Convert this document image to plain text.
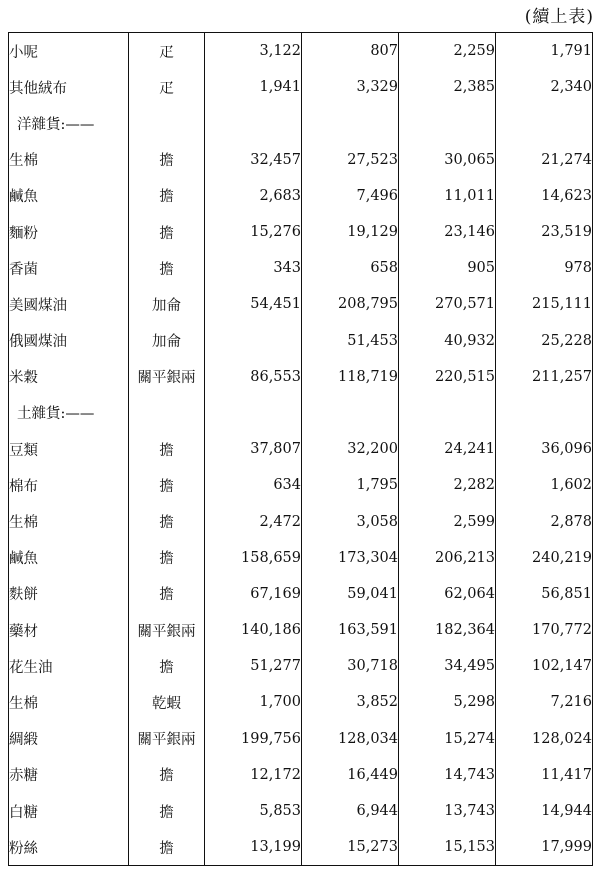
(續上表)
小呢	疋	3,122	807	2,259	1,791
其他絨布	疋	1,941	3,329	2,385	2,340
洋雜貨:——					
生棉	擔	32,457	27,523	30,065	21,274
鹹魚	擔	2,683	7,496	11,011	14,623
麵粉	擔	15,276	19,129	23,146	23,519
香菌	擔	343	658	905	978
美國煤油	加侖	54,451	208,795	270,571	215,111
俄國煤油	加侖		51,453	40,932	25,228
米穀	關平銀兩	86,553	118,719	220,515	211,257
土雜貨:——					
豆類	擔	37,807	32,200	24,241	36,096
棉布	擔	634	1,795	2,282	1,602
生棉	擔	2,472	3,058	2,599	2,878
鹹魚	擔	158,659	173,304	206,213	240,219
麩餅	擔	67,169	59,041	62,064	56,851
藥材	關平銀兩	140,186	163,591	182,364	170,772
花生油	擔	51,277	30,718	34,495	102,147
生棉	乾蝦	1,700	3,852	5,298	7,216
綢緞	關平銀兩	199,756	128,034	15,274	128,024
赤糖	擔	12,172	16,449	14,743	11,417
白糖	擔	5,853	6,944	13,743	14,944
粉絲	擔	13,199	15,273	15,153	17,999
